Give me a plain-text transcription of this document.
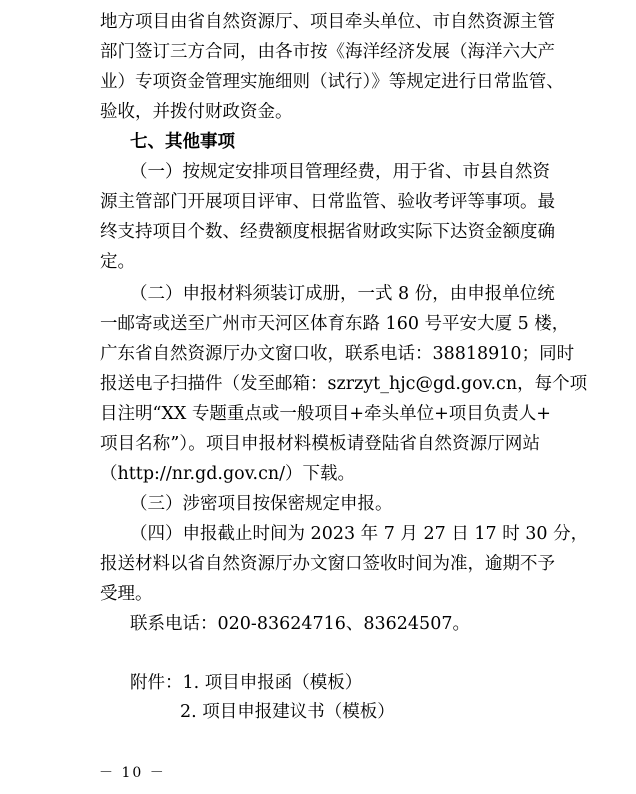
地方项目由省自然资源厅、项目牵头单位、市自然资源主管
部门签订三方合同，由各市按《海洋经济发展（海洋六大产
业）专项资金管理实施细则（试行）》等规定进行日常监管、
验收，并拨付财政资金。
七、其他事项
（一）按规定安排项目管理经费，用于省、市县自然资
源主管部门开展项目评审、日常监管、验收考评等事项。最
终支持项目个数、经费额度根据省财政实际下达资金额度确
定。
（二）申报材料须装订成册，一式 8 份，由申报单位统
一邮寄或送至广州市天河区体育东路 160 号平安大厦 5 楼，
广东省自然资源厅办文窗口收，联系电话：38818910；同时
报送电子扫描件（发至邮箱：szrzyt_hjc@gd.gov.cn，每个项
目注明“XX 专题重点或一般项目+牵头单位+项目负责人+
项目名称”）。项目申报材料模板请登陆省自然资源厅网站
（http://nr.gd.gov.cn/）下载。
（三）涉密项目按保密规定申报。
（四）申报截止时间为 2023 年 7 月 27 日 17 时 30 分，
报送材料以省自然资源厅办文窗口签收时间为准，逾期不予
受理。
联系电话：020-83624716、83624507。
附件：1. 项目申报函（模板）
2. 项目申报建议书（模板）
－ 10 －
